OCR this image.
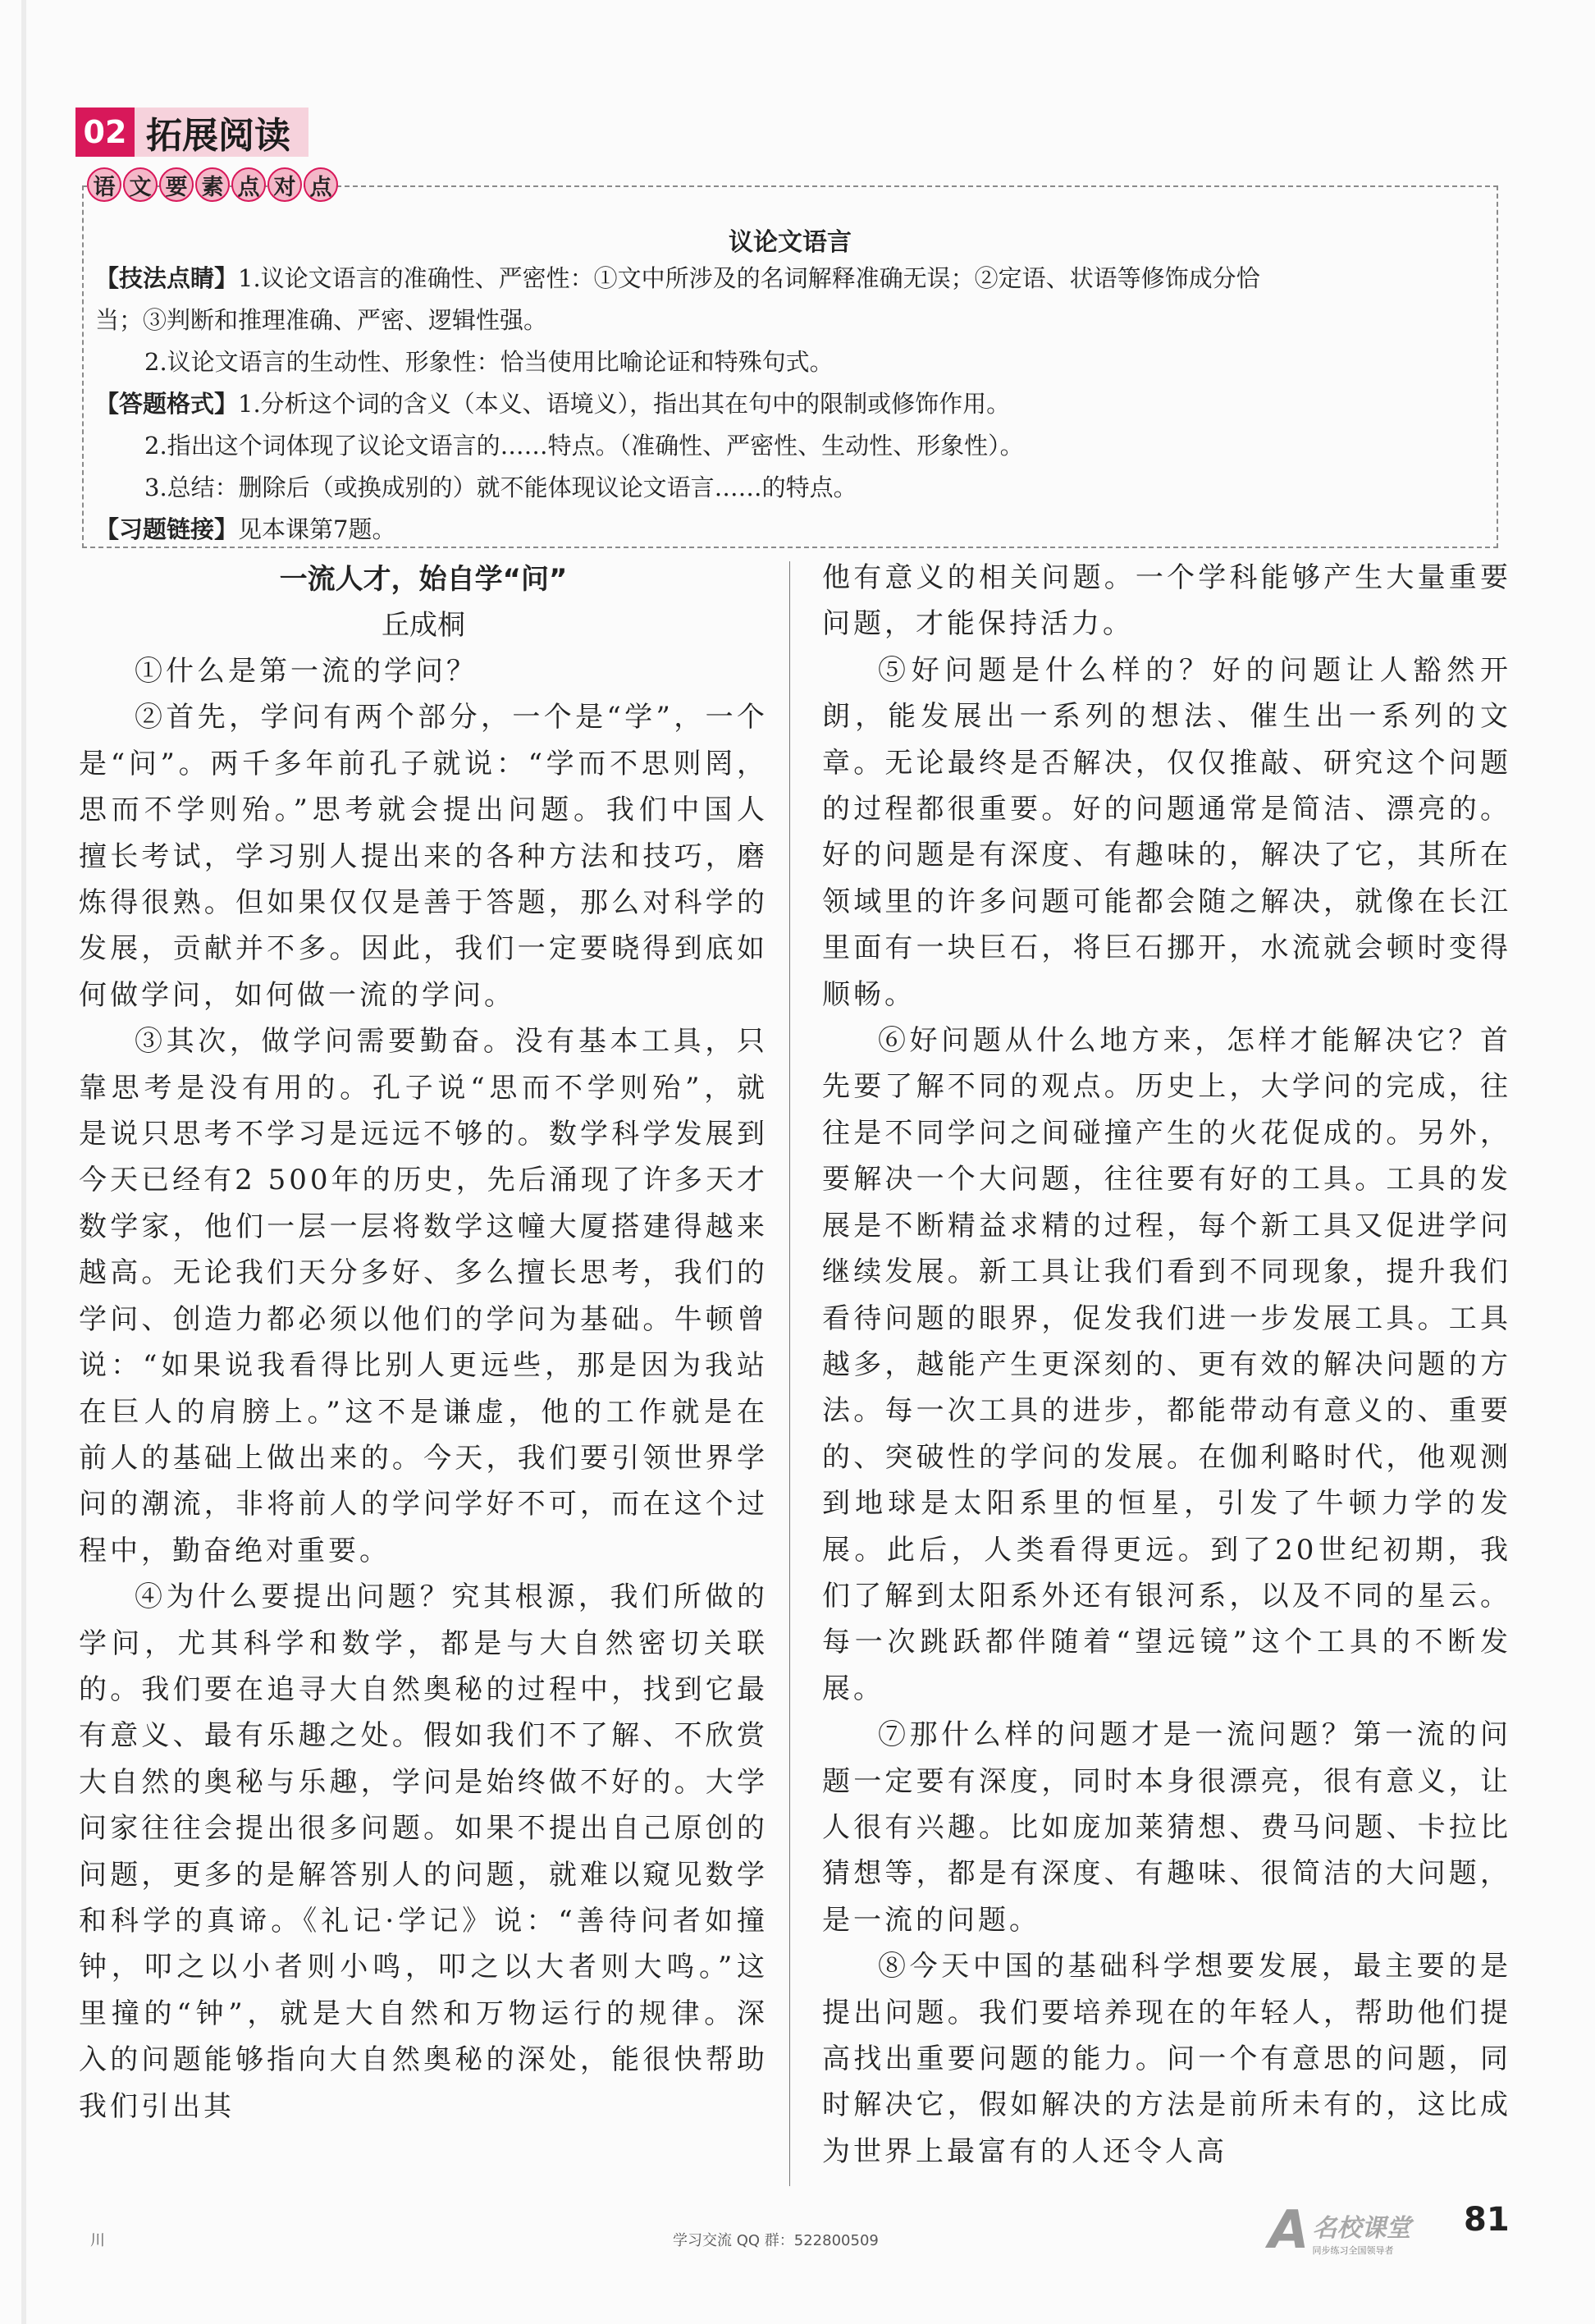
02 拓展阅读
议论文语言
【技法点睛】1.议论文语言的准确性、严密性：①文中所涉及的名词解释准确无误；②定语、状语等修饰成分恰
当；③判断和推理准确、严密、逻辑性强。
2.议论文语言的生动性、形象性：恰当使用比喻论证和特殊句式。
【答题格式】1.分析这个词的含义（本义、语境义），指出其在句中的限制或修饰作用。
2.指出这个词体现了议论文语言的……特点。（准确性、严密性、生动性、形象性）。
3.总结：删除后（或换成别的）就不能体现议论文语言……的特点。
【习题链接】见本课第7题。
语 文 要 素 点 对 点
一流人才，始自学“问”
丘成桐

①什么是第一流的学问？

②首先，学问有两个部分，一个是“学”，一个是“问”。两千多年前孔子就说：“学而不思则罔，思而不学则殆。”思考就会提出问题。我们中国人擅长考试，学习别人提出来的各种方法和技巧，磨炼得很熟。但如果仅仅是善于答题，那么对科学的发展，贡献并不多。因此，我们一定要晓得到底如何做学问，如何做一流的学问。

③其次，做学问需要勤奋。没有基本工具，只靠思考是没有用的。孔子说“思而不学则殆”，就是说只思考不学习是远远不够的。数学科学发展到今天已经有2 500年的历史，先后涌现了许多天才数学家，他们一层一层将数学这幢大厦搭建得越来越高。无论我们天分多好、多么擅长思考，我们的学问、创造力都必须以他们的学问为基础。牛顿曾说：“如果说我看得比别人更远些，那是因为我站在巨人的肩膀上。”这不是谦虚，他的工作就是在前人的基础上做出来的。今天，我们要引领世界学问的潮流，非将前人的学问学好不可，而在这个过程中，勤奋绝对重要。

④为什么要提出问题？究其根源，我们所做的学问，尤其科学和数学，都是与大自然密切关联的。我们要在追寻大自然奥秘的过程中，找到它最有意义、最有乐趣之处。假如我们不了解、不欣赏大自然的奥秘与乐趣，学问是始终做不好的。大学问家往往会提出很多问题。如果不提出自己原创的问题，更多的是解答别人的问题，就难以窥见数学和科学的真谛。《礼记·学记》说：“善待问者如撞钟，叩之以小者则小鸣，叩之以大者则大鸣。”这里撞的“钟”，就是大自然和万物运行的规律。深入的问题能够指向大自然奥秘的深处，能很快帮助我们引出其

他有意义的相关问题。一个学科能够产生大量重要问题，才能保持活力。

⑤好问题是什么样的？好的问题让人豁然开朗，能发展出一系列的想法、催生出一系列的文章。无论最终是否解决，仅仅推敲、研究这个问题的过程都很重要。好的问题通常是简洁、漂亮的。好的问题是有深度、有趣味的，解决了它，其所在领域里的许多问题可能都会随之解决，就像在长江里面有一块巨石，将巨石挪开，水流就会顿时变得顺畅。

⑥好问题从什么地方来，怎样才能解决它？首先要了解不同的观点。历史上，大学问的完成，往往是不同学问之间碰撞产生的火花促成的。另外，要解决一个大问题，往往要有好的工具。工具的发展是不断精益求精的过程，每个新工具又促进学问继续发展。新工具让我们看到不同现象，提升我们看待问题的眼界，促发我们进一步发展工具。工具越多，越能产生更深刻的、更有效的解决问题的方法。每一次工具的进步，都能带动有意义的、重要的、突破性的学问的发展。在伽利略时代，他观测到地球是太阳系里的恒星，引发了牛顿力学的发展。此后，人类看得更远。到了20世纪初期，我们了解到太阳系外还有银河系，以及不同的星云。每一次跳跃都伴随着“望远镜”这个工具的不断发展。

⑦那什么样的问题才是一流问题？第一流的问题一定要有深度，同时本身很漂亮，很有意义，让人很有兴趣。比如庞加莱猜想、费马问题、卡拉比猜想等，都是有深度、有趣味、很简洁的大问题，是一流的问题。

⑧今天中国的基础科学想要发展，最主要的是提出问题。我们要培养现在的年轻人，帮助他们提高找出重要问题的能力。问一个有意思的问题，同时解决它，假如解决的方法是前所未有的，这比成为世界上最富有的人还令人高

川	学习交流 QQ 群：522800509	A 名校课堂
同步练习全国领导者
81
